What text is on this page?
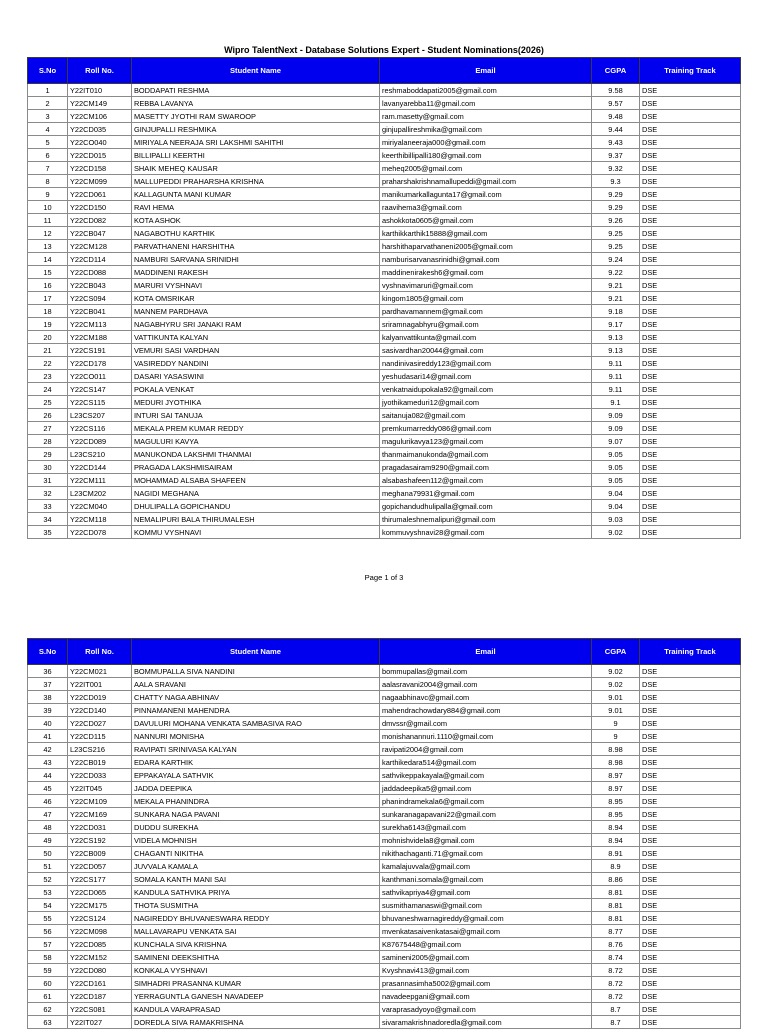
Wipro TalentNext - Database Solutions Expert - Student Nominations(2026)
S.No	Roll No.	Student Name	Email	CGPA	Training Track
1	Y22IT010	BODDAPATI RESHMA	reshmaboddapati2005@gmail.com	9.58	DSE
2	Y22CM149	REBBA LAVANYA	lavanyarebba11@gmail.com	9.57	DSE
3	Y22CM106	MASETTY JYOTHI RAM SWAROOP	ram.masetty@gmail.com	9.48	DSE
4	Y22CD035	GINJUPALLI RESHMIKA	ginjupallireshmika@gmail.com	9.44	DSE
5	Y22CO040	MIRIYALA NEERAJA SRI LAKSHMI SAHITHI	miriyalaneeraja000@gmail.com	9.43	DSE
6	Y22CD015	BILLIPALLI KEERTHI	keerthibillipalli180@gmail.com	9.37	DSE
7	Y22CD158	SHAIK MEHEQ KAUSAR	meheq2005@gmail.com	9.32	DSE
8	Y22CM099	MALLUPEDDI PRAHARSHA KRISHNA	praharshakrishnamallupeddi@gmail.com	9.3	DSE
9	Y22CD061	KALLAGUNTA MANI KUMAR	manikumarkallagunta17@gmail.com	9.29	DSE
10	Y22CD150	RAVI HEMA	raavihema3@gmail.com	9.29	DSE
11	Y22CD082	KOTA ASHOK	ashokkota0605@gmail.com	9.26	DSE
12	Y22CB047	NAGABOTHU KARTHIK	karthikkarthik15888@gmail.com	9.25	DSE
13	Y22CM128	PARVATHANENI HARSHITHA	harshithaparvathaneni2005@gmail.com	9.25	DSE
14	Y22CD114	NAMBURI SARVANA SRINIDHI	namburisarvanasrinidhi@gmail.com	9.24	DSE
15	Y22CD088	MADDINENI RAKESH	maddinenirakesh6@gmail.com	9.22	DSE
16	Y22CB043	MARURI VYSHNAVI	vyshnavimaruri@gmail.com	9.21	DSE
17	Y22CS094	KOTA OMSRIKAR	kingom1805@gmail.com	9.21	DSE
18	Y22CB041	MANNEM PARDHAVA	pardhavamannem@gmail.com	9.18	DSE
19	Y22CM113	NAGABHYRU SRI JANAKI RAM	sriramnagabhyru@gmail.com	9.17	DSE
20	Y22CM188	VATTIKUNTA KALYAN	kalyanvattikunta@gmail.com	9.13	DSE
21	Y22CS191	VEMURI SASI VARDHAN	sasivardhan20044@gmail.com	9.13	DSE
22	Y22CD178	VASIREDDY NANDINI	nandinivasireddy123@gmail.com	9.11	DSE
23	Y22CO011	DASARI YASASWINI	yeshudasari14@gmail.com	9.11	DSE
24	Y22CS147	POKALA VENKAT	venkatnaidupokala92@gmail.com	9.11	DSE
25	Y22CS115	MEDURI JYOTHIKA	jyothikameduri12@gmail.com	9.1	DSE
26	L23CS207	INTURI SAI TANUJA	saitanuja082@gmail.com	9.09	DSE
27	Y22CS116	MEKALA PREM KUMAR REDDY	premkumarreddy086@gmail.com	9.09	DSE
28	Y22CD089	MAGULURI KAVYA	magulurikavya123@gmail.com	9.07	DSE
29	L23CS210	MANUKONDA LAKSHMI THANMAI	thanmaimanukonda@gmail.com	9.05	DSE
30	Y22CD144	PRAGADA LAKSHMISAIRAM	pragadasairam9290@gmail.com	9.05	DSE
31	Y22CM111	MOHAMMAD ALSABA SHAFEEN	alsabashafeen112@gmail.com	9.05	DSE
32	L23CM202	NAGIDI MEGHANA	meghana79931@gmail.com	9.04	DSE
33	Y22CM040	DHULIPALLA GOPICHANDU	gopichandudhulipalla@gmail.com	9.04	DSE
34	Y22CM118	NEMALIPURI BALA THIRUMALESH	thirumaleshnemalipuri@gmail.com	9.03	DSE
35	Y22CD078	KOMMU VYSHNAVI	kommuvyshnavi28@gmail.com	9.02	DSE
Page 1 of 3
S.No	Roll No.	Student Name	Email	CGPA	Training Track
36	Y22CM021	BOMMUPALLA SIVA NANDINI	bommupallas@gmail.com	9.02	DSE
37	Y22IT001	AALA SRAVANI	aalasravani2004@gmail.com	9.02	DSE
38	Y22CD019	CHATTY NAGA ABHINAV	nagaabhinavc@gmail.com	9.01	DSE
39	Y22CD140	PINNAMANENI MAHENDRA	mahendrachowdary884@gmail.com	9.01	DSE
40	Y22CD027	DAVULURI MOHANA VENKATA SAMBASIVA RAO	dmvssr@gmail.com	9	DSE
41	Y22CD115	NANNURI MONISHA	monishanannuri.1110@gmail.com	9	DSE
42	L23CS216	RAVIPATI SRINIVASA KALYAN	ravipati2004@gmail.com	8.98	DSE
43	Y22CB019	EDARA KARTHIK	karthikedara514@gmail.com	8.98	DSE
44	Y22CD033	EPPAKAYALA SATHVIK	sathvikeppakayala@gmail.com	8.97	DSE
45	Y22IT045	JADDA DEEPIKA	jaddadeepika5@gmail.com	8.97	DSE
46	Y22CM109	MEKALA PHANINDRA	phanindramekala6@gmail.com	8.95	DSE
47	Y22CM169	SUNKARA NAGA PAVANI	sunkaranagapavani22@gmail.com	8.95	DSE
48	Y22CD031	DUDDU SUREKHA	surekha6143@gmail.com	8.94	DSE
49	Y22CS192	VIDELA MOHNISH	mohnishvidela8@gmail.com	8.94	DSE
50	Y22CB009	CHAGANTI NIKITHA	nikithachaganti.71@gmail.com	8.91	DSE
51	Y22CD057	JUVVALA KAMALA	kamalajuvvala@gmail.com	8.9	DSE
52	Y22CS177	SOMALA KANTH MANI SAI	kanthmani.somala@gmail.com	8.86	DSE
53	Y22CD065	KANDULA SATHVIKA PRIYA	sathvikapriya4@gmail.com	8.81	DSE
54	Y22CM175	THOTA SUSMITHA	susmithamanaswi@gmail.com	8.81	DSE
55	Y22CS124	NAGIREDDY BHUVANESWARA REDDY	bhuvaneshwarnagireddy@gmail.com	8.81	DSE
56	Y22CM098	MALLAVARAPU VENKATA SAI	mvenkatasaivenkatasai@gmail.com	8.77	DSE
57	Y22CD085	KUNCHALA SIVA KRISHNA	K87675448@gmail.com	8.76	DSE
58	Y22CM152	SAMINENI DEEKSHITHA	samineni2005@gmail.com	8.74	DSE
59	Y22CD080	KONKALA VYSHNAVI	Kvyshnavi413@gmail.com	8.72	DSE
60	Y22CD161	SIMHADRI PRASANNA KUMAR	prasannasimha5002@gmail.com	8.72	DSE
61	Y22CD187	YERRAGUNTLA GANESH NAVADEEP	navadeepgani@gmail.com	8.72	DSE
62	Y22CS081	KANDULA VARAPRASAD	varaprasadyoyo@gmail.com	8.7	DSE
63	Y22IT027	DOREDLA SIVA RAMAKRISHNA	sivaramakrishnadoredla@gmail.com	8.7	DSE
